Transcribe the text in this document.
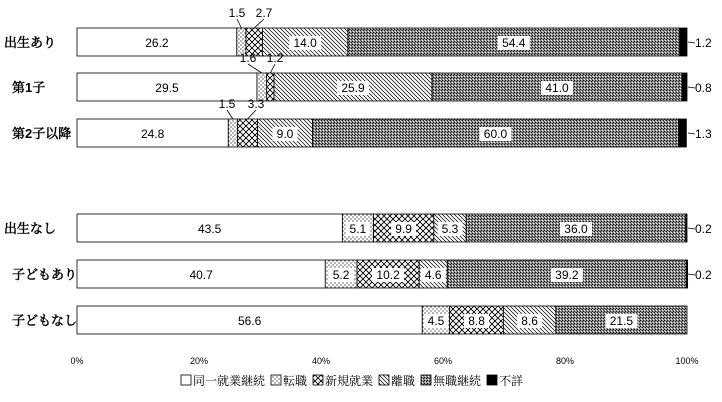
0%	20%	40%	60%	80%	100%
26.2
1.5 2.7
14.0	54.4	1.2
29.5
1.6 1.2
25.9	41.0	0.8
24.8
1.5 3.3
9.0	60.0	1.3
43.5	5.1 9.9 5.3	36.0	0.2
40.7	5.2 10.2 4.6	39.2	0.2
56.6	4.5 8.8	8.6	21.5
出生あり
第1子
第2子以降
出生なし
子どもあり
子どもなし
同一就業継続 転職 新規就業 離職 無職継続 不詳
